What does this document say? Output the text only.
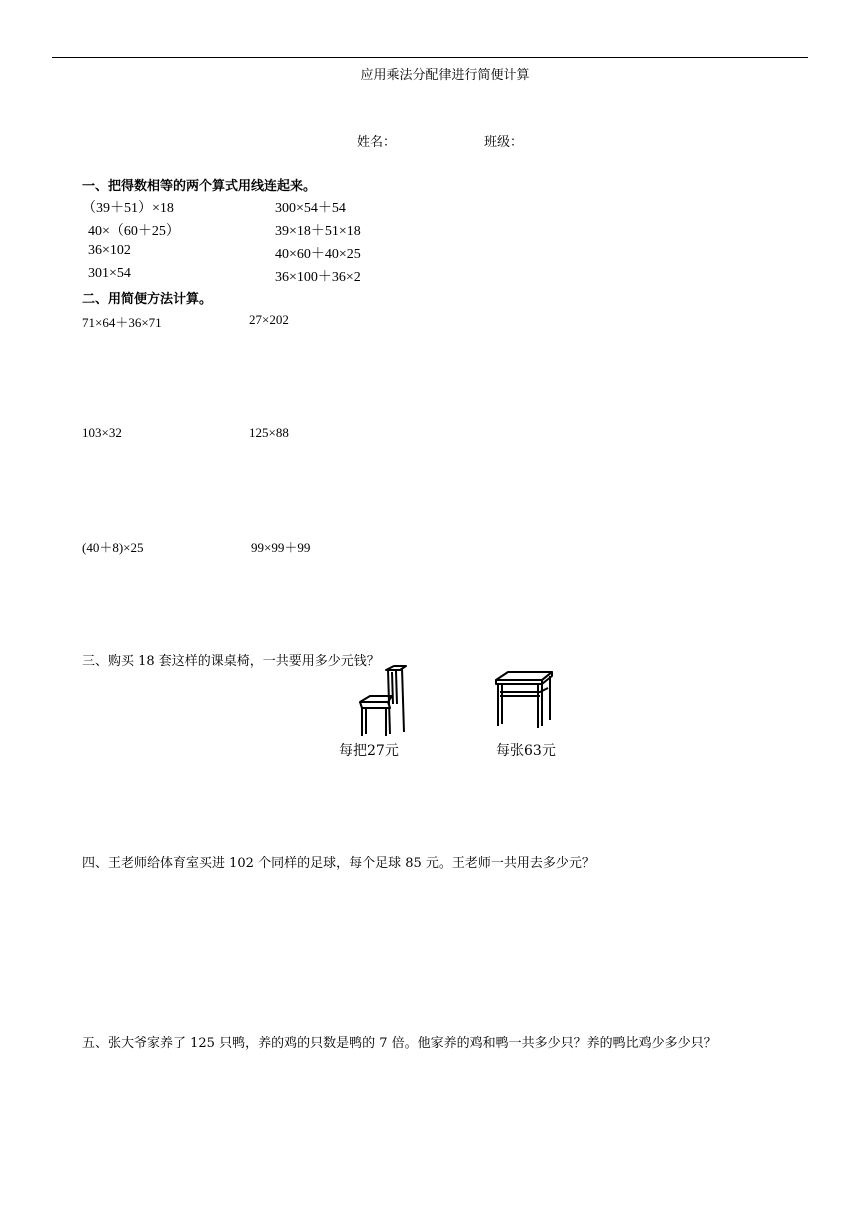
应用乘法分配律进行简便计算
姓名：	班级：
一、把得数相等的两个算式用线连起来。
（39＋51）×18
40×（60＋25）
36×102
301×54
300×54＋54
39×18＋51×18
40×60＋40×25
36×100＋36×2
二、用简便方法计算。
71×64＋36×71	27×202
103×32	125×88
(40＋8)×25	99×99＋99
三、购买 18 套这样的课桌椅，一共要用多少元钱？
每把27元	每张63元
四、王老师给体育室买进 102 个同样的足球，每个足球 85 元。王老师一共用去多少元？
五、张大爷家养了 125 只鸭，养的鸡的只数是鸭的 7 倍。他家养的鸡和鸭一共多少只？养的鸭比鸡少多少只？
